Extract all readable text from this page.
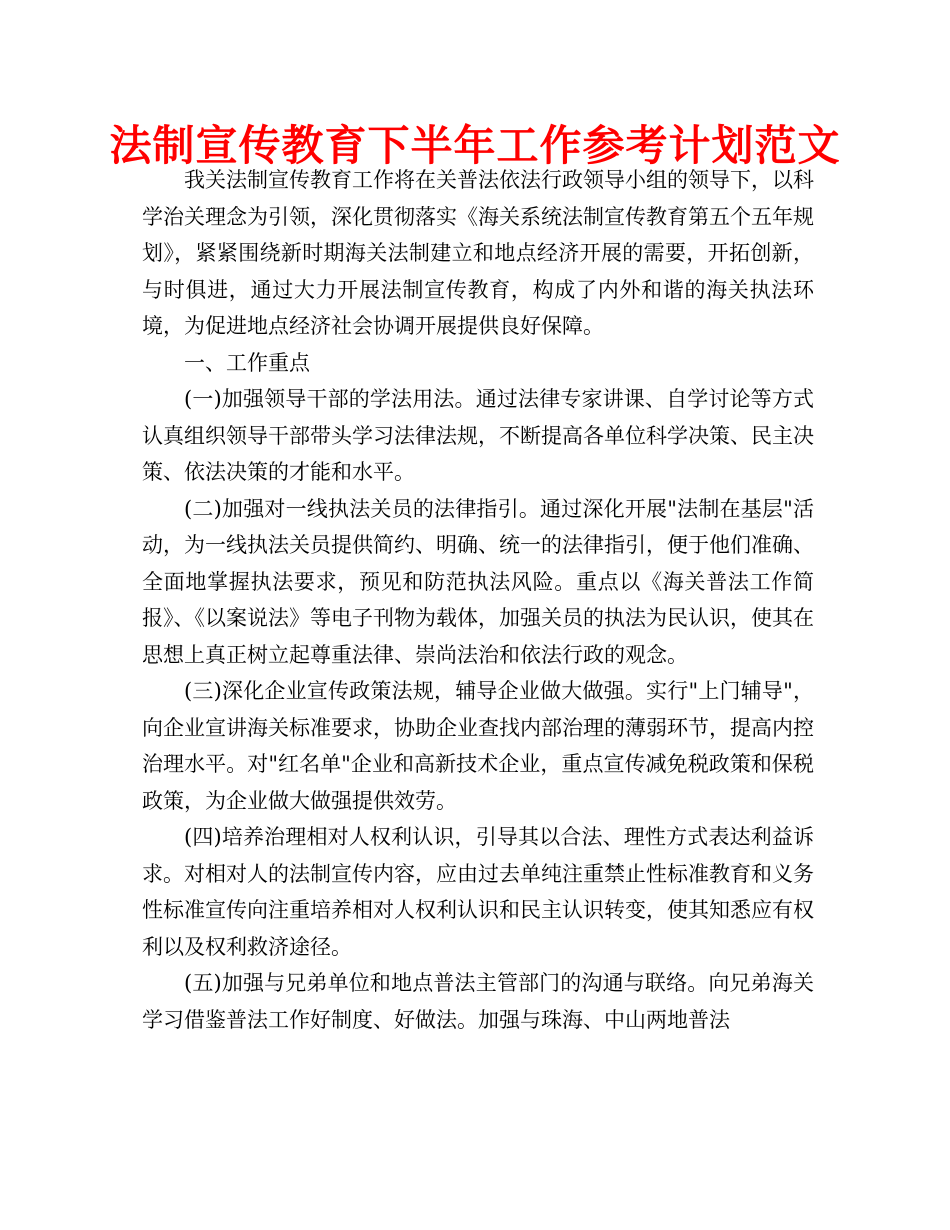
法制宣传教育下半年工作参考计划范文

我关法制宣传教育工作将在关普法依法行政领导小组的领导下，以科学治关理念为引领，深化贯彻落实《海关系统法制宣传教育第五个五年规划》，紧紧围绕新时期海关法制建立和地点经济开展的需要，开拓创新，与时俱进，通过大力开展法制宣传教育，构成了内外和谐的海关执法环境，为促进地点经济社会协调开展提供良好保障。

一、工作重点

(一)加强领导干部的学法用法。通过法律专家讲课、自学讨论等方式认真组织领导干部带头学习法律法规，不断提高各单位科学决策、民主决策、依法决策的才能和水平。

(二)加强对一线执法关员的法律指引。通过深化开展"法制在基层"活动，为一线执法关员提供简约、明确、统一的法律指引，便于他们准确、全面地掌握执法要求，预见和防范执法风险。重点以《海关普法工作简报》、《以案说法》等电子刊物为载体，加强关员的执法为民认识，使其在思想上真正树立起尊重法律、崇尚法治和依法行政的观念。

(三)深化企业宣传政策法规，辅导企业做大做强。实行"上门辅导"，向企业宣讲海关标准要求，协助企业查找内部治理的薄弱环节，提高内控治理水平。对"红名单"企业和高新技术企业，重点宣传减免税政策和保税政策，为企业做大做强提供效劳。

(四)培养治理相对人权利认识，引导其以合法、理性方式表达利益诉求。对相对人的法制宣传内容，应由过去单纯注重禁止性标准教育和义务性标准宣传向注重培养相对人权利认识和民主认识转变，使其知悉应有权利以及权利救济途径。

(五)加强与兄弟单位和地点普法主管部门的沟通与联络。向兄弟海关学习借鉴普法工作好制度、好做法。加强与珠海、中山两地普法
